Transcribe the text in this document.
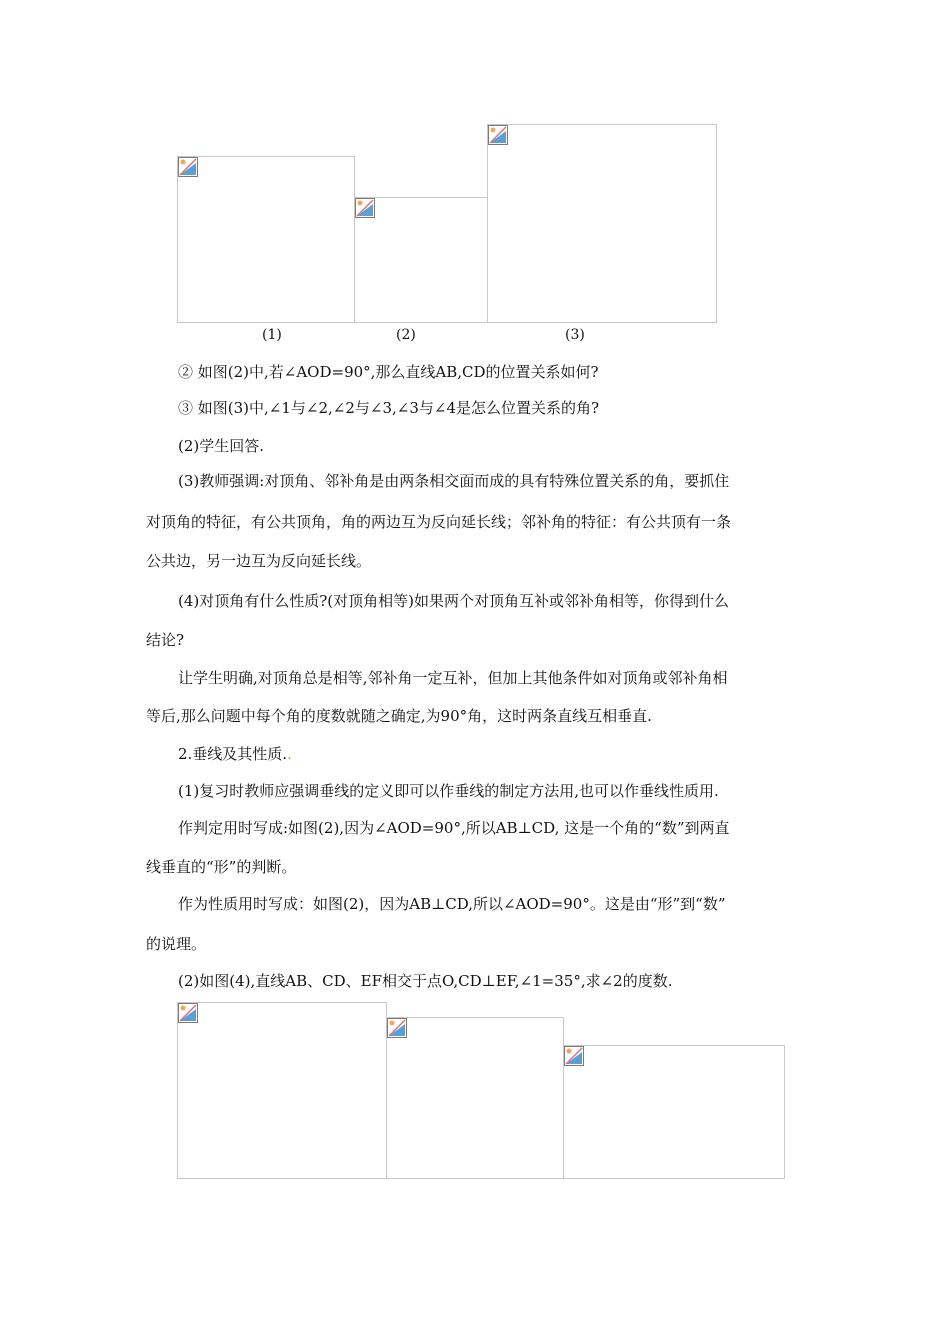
(1)	(2)	(3)
② 如图(2)中,若∠AOD=90°,那么直线AB,CD的位置关系如何?
③ 如图(3)中,∠1与∠2,∠2与∠3,∠3与∠4是怎么位置关系的角?
(2)学生回答.
(3)教师强调:对顶角、邻补角是由两条相交面而成的具有特殊位置关系的角，要抓住
对顶角的特征，有公共顶角，角的两边互为反向延长线；邻补角的特征：有公共顶有一条
公共边，另一边互为反向延长线。
(4)对顶角有什么性质?(对顶角相等)如果两个对顶角互补或邻补角相等，你得到什么
结论?
让学生明确,对顶角总是相等,邻补角一定互补，但加上其他条件如对顶角或邻补角相
等后,那么问题中每个角的度数就随之确定,为90°角，这时两条直线互相垂直.
2.垂线及其性质..
(1)复习时教师应强调垂线的定义即可以作垂线的制定方法用,也可以作垂线性质用.
作判定用时写成:如图(2),因为∠AOD=90°,所以AB⊥CD, 这是一个角的“数”到两直
线垂直的“形”的判断。
作为性质用时写成：如图(2)，因为AB⊥CD,所以∠AOD=90°。这是由“形”到“数”
的说理。
(2)如图(4),直线AB、CD、EF相交于点O,CD⊥EF,∠1=35°,求∠2的度数.
